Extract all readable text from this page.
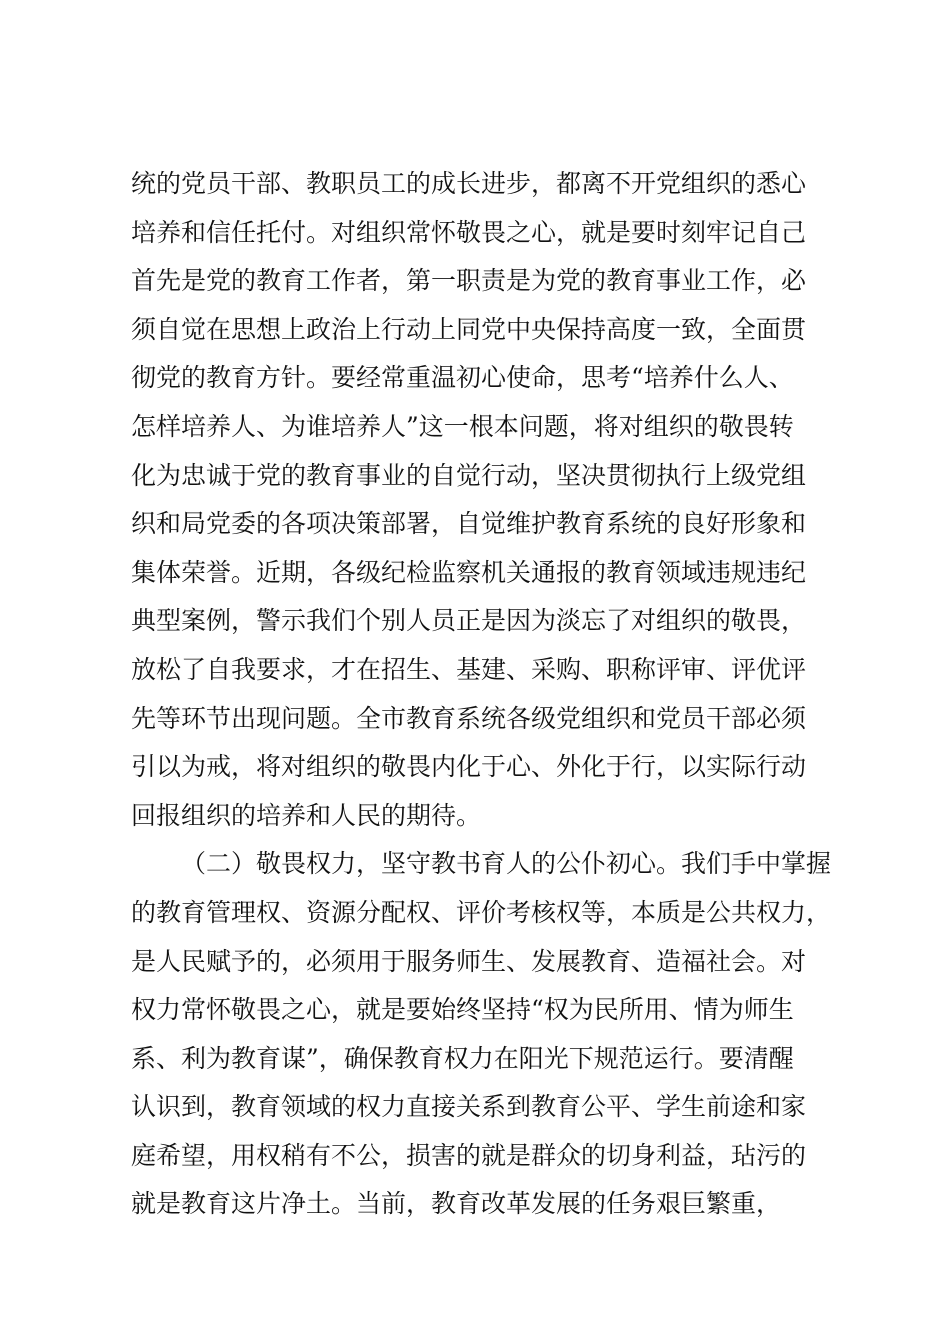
统的党员干部、教职员工的成长进步，都离不开党组织的悉心
培养和信任托付。对组织常怀敬畏之心，就是要时刻牢记自己
首先是党的教育工作者，第一职责是为党的教育事业工作，必
须自觉在思想上政治上行动上同党中央保持高度一致，全面贯
彻党的教育方针。要经常重温初心使命，思考“培养什么人、
怎样培养人、为谁培养人”这一根本问题，将对组织的敬畏转
化为忠诚于党的教育事业的自觉行动，坚决贯彻执行上级党组
织和局党委的各项决策部署，自觉维护教育系统的良好形象和
集体荣誉。近期，各级纪检监察机关通报的教育领域违规违纪
典型案例，警示我们个别人员正是因为淡忘了对组织的敬畏，
放松了自我要求，才在招生、基建、采购、职称评审、评优评
先等环节出现问题。全市教育系统各级党组织和党员干部必须
引以为戒，将对组织的敬畏内化于心、外化于行，以实际行动
回报组织的培养和人民的期待。
（二）敬畏权力，坚守教书育人的公仆初心。我们手中掌握
的教育管理权、资源分配权、评价考核权等，本质是公共权力，
是人民赋予的，必须用于服务师生、发展教育、造福社会。对
权力常怀敬畏之心，就是要始终坚持“权为民所用、情为师生
系、利为教育谋”，确保教育权力在阳光下规范运行。要清醒
认识到，教育领域的权力直接关系到教育公平、学生前途和家
庭希望，用权稍有不公，损害的就是群众的切身利益，玷污的
就是教育这片净土。当前，教育改革发展的任务艰巨繁重，
